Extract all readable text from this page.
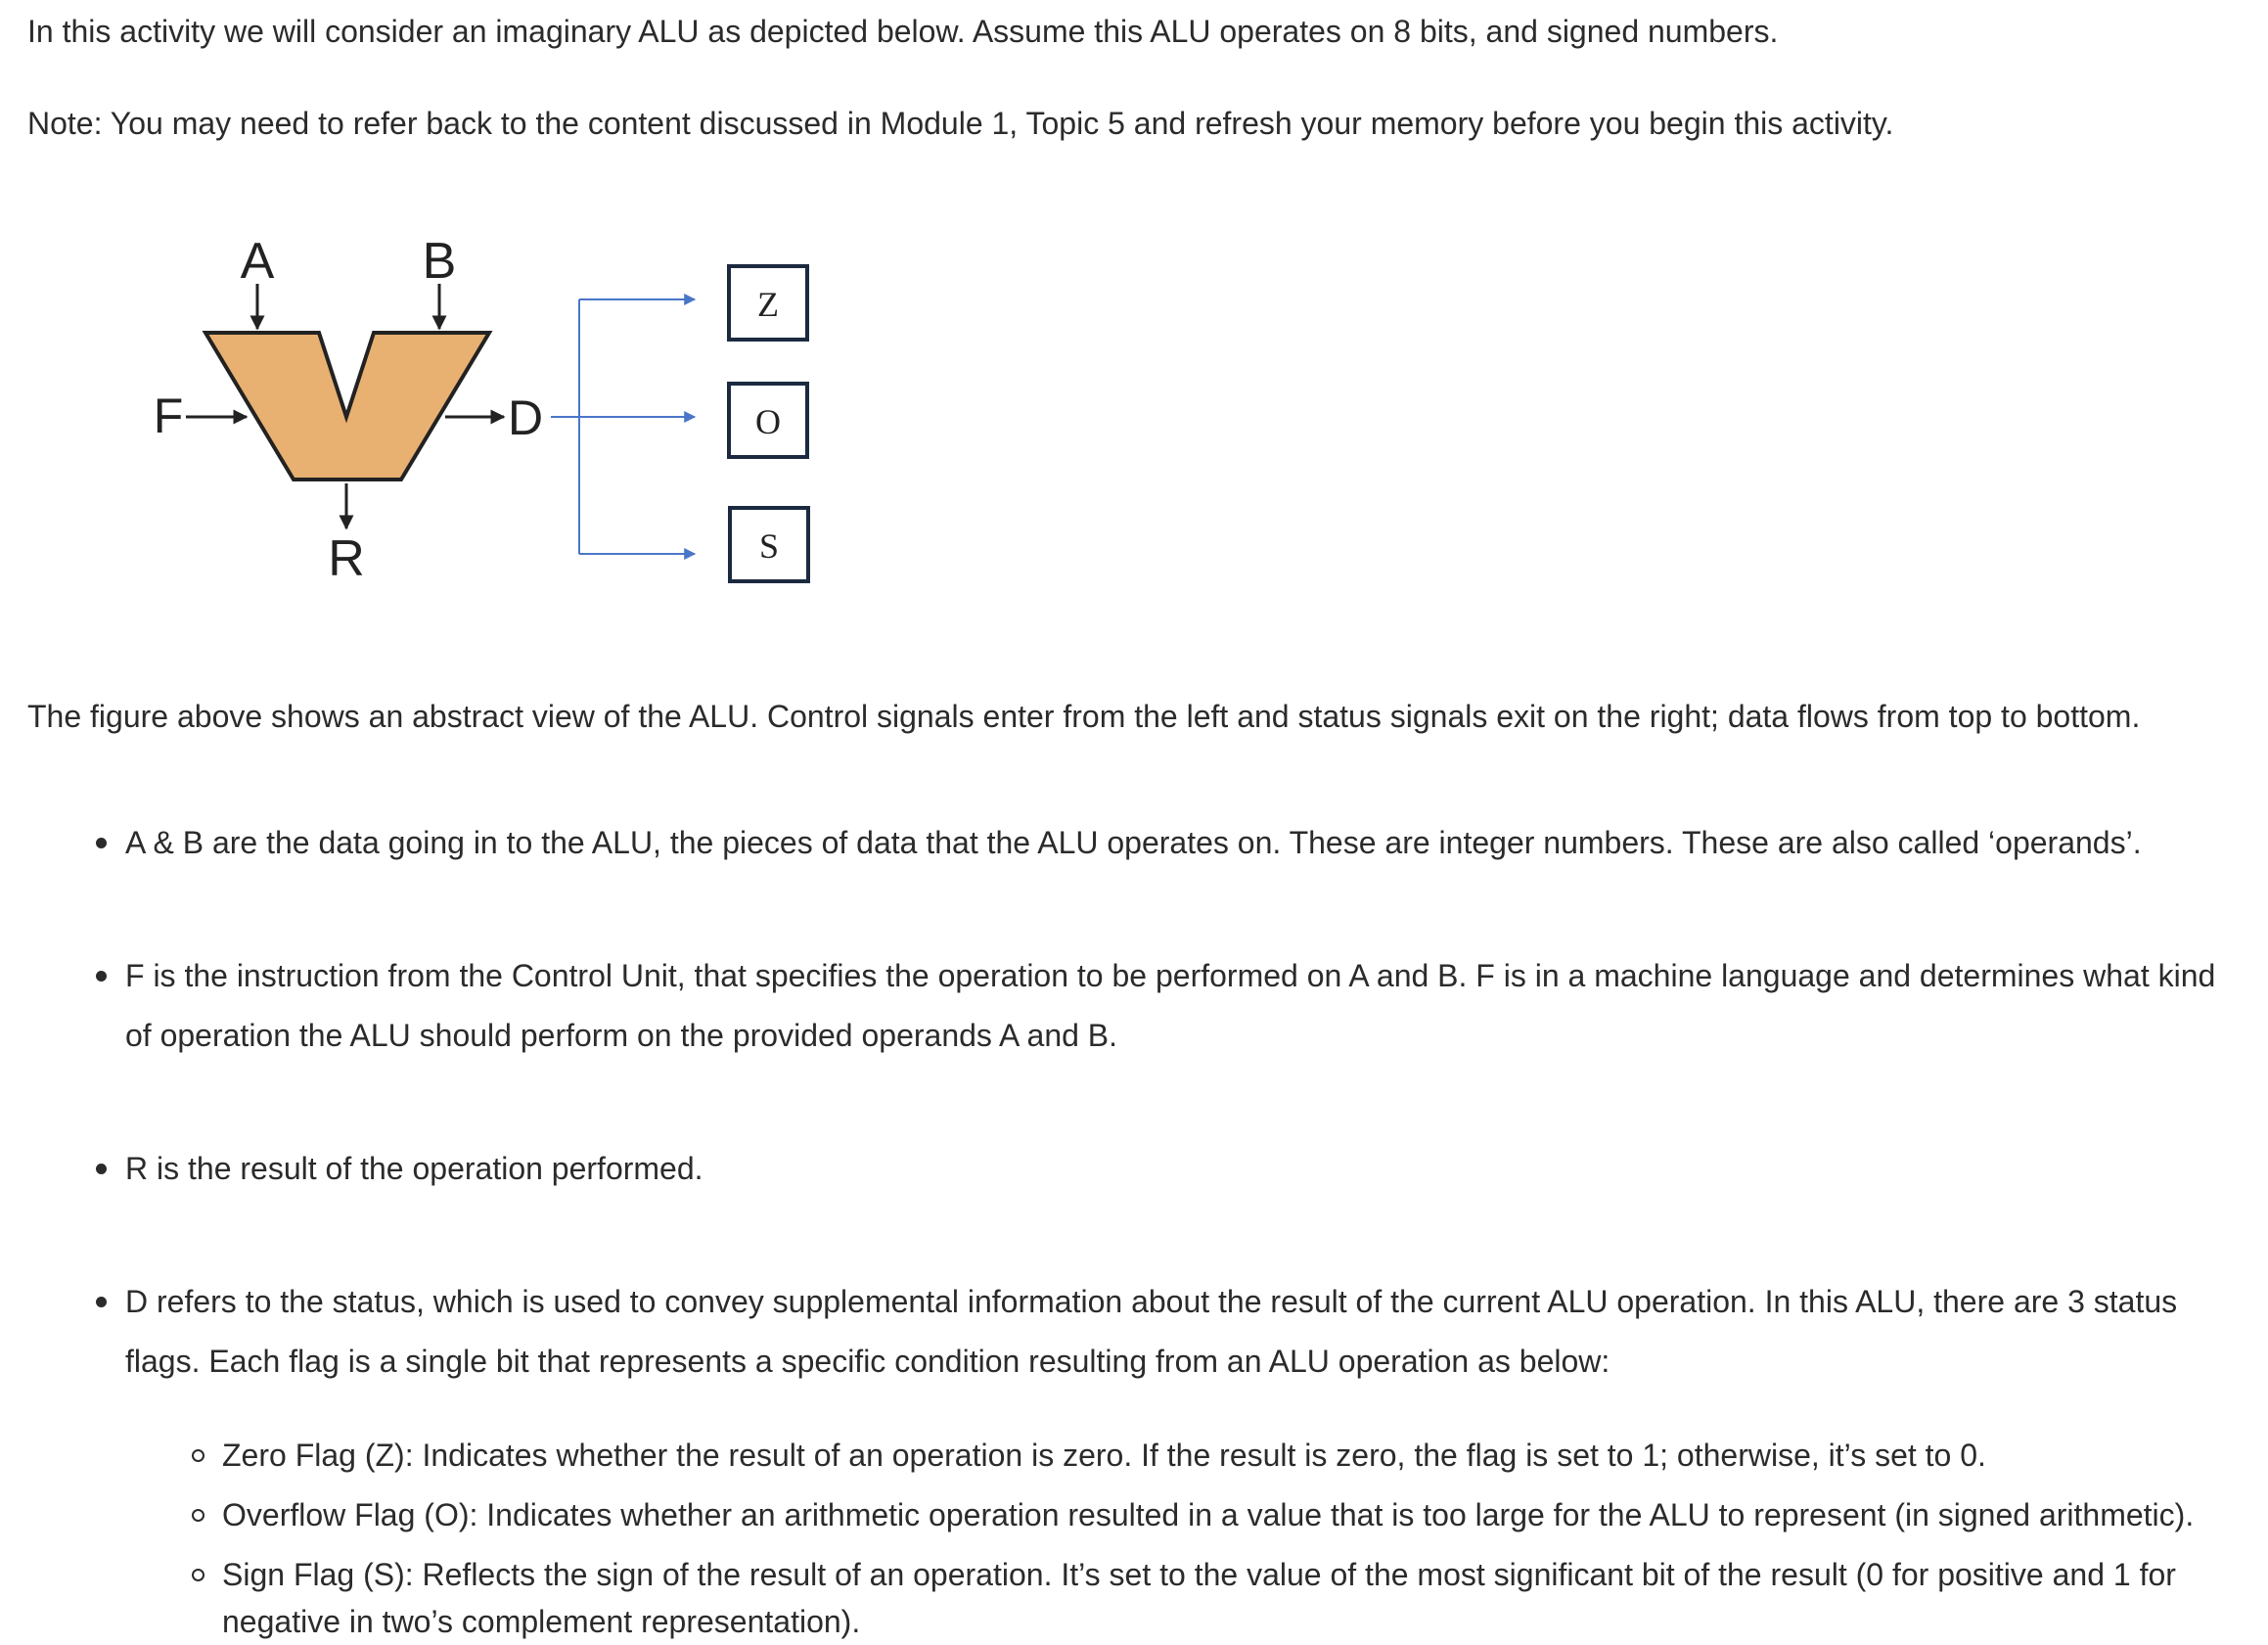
In this activity we will consider an imaginary ALU as depicted below. Assume this ALU operates on 8 bits, and signed numbers.

Note: You may need to refer back to the content discussed in Module 1, Topic 5 and refresh your memory before you begin this activity.

A	B
F	D
R
Z
O
S

The figure above shows an abstract view of the ALU. Control signals enter from the left and status signals exit on the right; data flows from top to bottom.

A & B are the data going in to the ALU, the pieces of data that the ALU operates on. These are integer numbers. These are also called ‘operands’.
F is the instruction from the Control Unit, that specifies the operation to be performed on A and B. F is in a machine language and determines what kind of operation the ALU should perform on the provided operands A and B.
R is the result of the operation performed.
D refers to the status, which is used to convey supplemental information about the result of the current ALU operation. In this ALU, there are 3 status flags. Each flag is a single bit that represents a specific condition resulting from an ALU operation as below:
Zero Flag (Z): Indicates whether the result of an operation is zero. If the result is zero, the flag is set to 1; otherwise, it’s set to 0.
Overflow Flag (O): Indicates whether an arithmetic operation resulted in a value that is too large for the ALU to represent (in signed arithmetic).
Sign Flag (S): Reflects the sign of the result of an operation. It’s set to the value of the most significant bit of the result (0 for positive and 1 for negative in two’s complement representation).
